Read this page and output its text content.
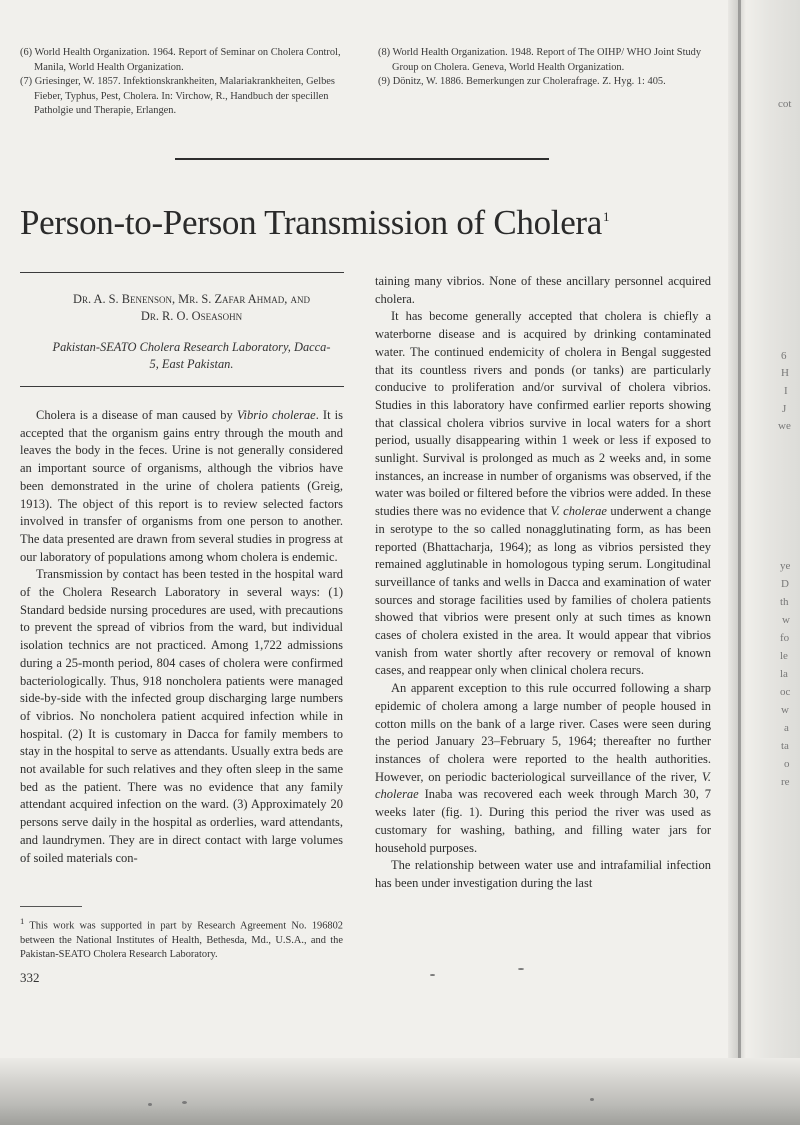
cot
6
H
I
J
we
ye
D
th
w
fo
le
la
oc
w
a
ta
o
re
(6) World Health Organization. 1964. Report of Seminar on Cholera Control, Manila, World Health Organization.
(7) Griesinger, W. 1857. Infektionskrankheiten, Malariakrankheiten, Gelbes Fieber, Typhus, Pest, Cholera. In: Virchow, R., Handbuch der specillen Patholgie und Therapie, Erlangen.
(8) World Health Organization. 1948. Report of The OIHP/ WHO Joint Study Group on Cholera. Geneva, World Health Organization.
(9) Dönitz, W. 1886. Bemerkungen zur Cholerafrage. Z. Hyg. 1: 405.
Person-to-Person Transmission of Cholera$^1$
Dr. A. S. Benenson, Mr. S. Zafar Ahmad, and
Dr. R. O. Oseasohn
Pakistan-SEATO Cholera Research Laboratory, Dacca-
5, East Pakistan.

Cholera is a disease of man caused by Vibrio cholerae. It is accepted that the organism gains entry through the mouth and leaves the body in the feces. Urine is not generally considered an important source of organisms, although the vibrios have been demonstrated in the urine of cholera patients (Greig, 1913). The object of this report is to review selected factors involved in transfer of organisms from one person to another. The data presented are drawn from several studies in progress at our laboratory of populations among whom cholera is endemic.

Transmission by contact has been tested in the hospital ward of the Cholera Research Laboratory in several ways: (1) Standard bedside nursing procedures are used, with precautions to prevent the spread of vibrios from the ward, but individual isolation technics are not practiced. Among 1,722 admissions during a 25-month period, 804 cases of cholera were confirmed bacteriologically. Thus, 918 noncholera patients were managed side-by-side with the infected group discharging large numbers of vibrios. No noncholera patient acquired infection while in hospital. (2) It is customary in Dacca for family members to stay in the hospital to serve as attendants. Usually extra beds are not available for such relatives and they often sleep in the same bed as the patient. There was no evidence that any family attendant acquired infection on the ward. (3) Approximately 20 persons serve daily in the hospital as orderlies, ward attendants, and laundrymen. They are in direct contact with large volumes of soiled materials con-

taining many vibrios. None of these ancillary personnel acquired cholera.

It has become generally accepted that cholera is chiefly a waterborne disease and is acquired by drinking contaminated water. The continued endemicity of cholera in Bengal suggested that its countless rivers and ponds (or tanks) are particularly conducive to proliferation and/or survival of cholera vibrios. Studies in this laboratory have confirmed earlier reports showing that classical cholera vibrios survive in local waters for a short period, usually disappearing within 1 week or less if exposed to sunlight. Survival is prolonged as much as 2 weeks and, in some instances, an increase in number of organisms was observed, if the water was boiled or filtered before the vibrios were added. In these studies there was no evidence that V. cholerae underwent a change in serotype to the so called nonagglutinating form, as has been reported (Bhattacharja, 1964); as long as vibrios persisted they remained agglutinable in homologous typing serum. Longitudinal surveillance of tanks and wells in Dacca and examination of water sources and storage facilities used by families of cholera patients showed that vibrios were present only at such times as known cases of cholera existed in the area. It would appear that vibrios vanish from water shortly after recovery or removal of known cases, and reappear only when clinical cholera recurs.

An apparent exception to this rule occurred following a sharp epidemic of cholera among a large number of people housed in cotton mills on the bank of a large river. Cases were seen during the period January 23–February 5, 1964; thereafter no further instances of cholera were reported to the health authorities. However, on periodic bacteriological surveillance of the river, V. cholerae Inaba was recovered each week through March 30, 7 weeks later (fig. 1). During this period the river was used as customary for washing, bathing, and filling water jars for household purposes.

The relationship between water use and intrafamilial infection has been under investigation during the last

$^1$ This work was supported in part by Research Agreement No. 196802 between the National Institutes of Health, Bethesda, Md., U.S.A., and the Pakistan-SEATO Cholera Research Laboratory.
332
